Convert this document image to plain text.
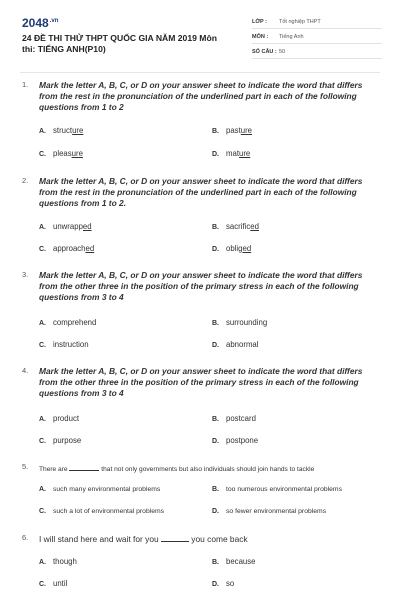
$2048^{.vn}$
24 ĐỀ THI THỬ THPT QUỐC GIA NĂM 2019 Môn thi: TIẾNG ANH(P10)
LỚP :	Tốt nghiệp THPT
MÔN :	Tiếng Anh
SỐ CÂU : 50
1. Mark the letter A, B, C, or D on your answer sheet to indicate the word that differs from the rest in the pronunciation of the underlined part in each of the following questions from 1 to 2
A. structure	B. pasture
C. pleasure	D. mature
2. Mark the letter A, B, C, or D on your answer sheet to indicate the word that differs from the rest in the pronunciation of the underlined part in each of the following questions from 1 to 2.
A. unwrapped	B. sacrificed
C. approached	D. obliged
3. Mark the letter A, B, C, or D on your answer sheet to indicate the word that differs from the other three in the position of the primary stress in each of the following questions from 3 to 4
A. comprehend	B. surrounding
C. instruction	D. abnormal
4. Mark the letter A, B, C, or D on your answer sheet to indicate the word that differs from the other three in the position of the primary stress in each of the following questions from 3 to 4
A. product	B. postcard
C. purpose	D. postpone
5. There are	that not only governments but also individuals should join hands to tackle
A. such many environmental problems	B. too numerous environmental problems
C. such a lot of environmental problems	D. so fewer environmental problems
6. I will stand here and wait for you	you come back
A. though	B. because
C. until	D. so
